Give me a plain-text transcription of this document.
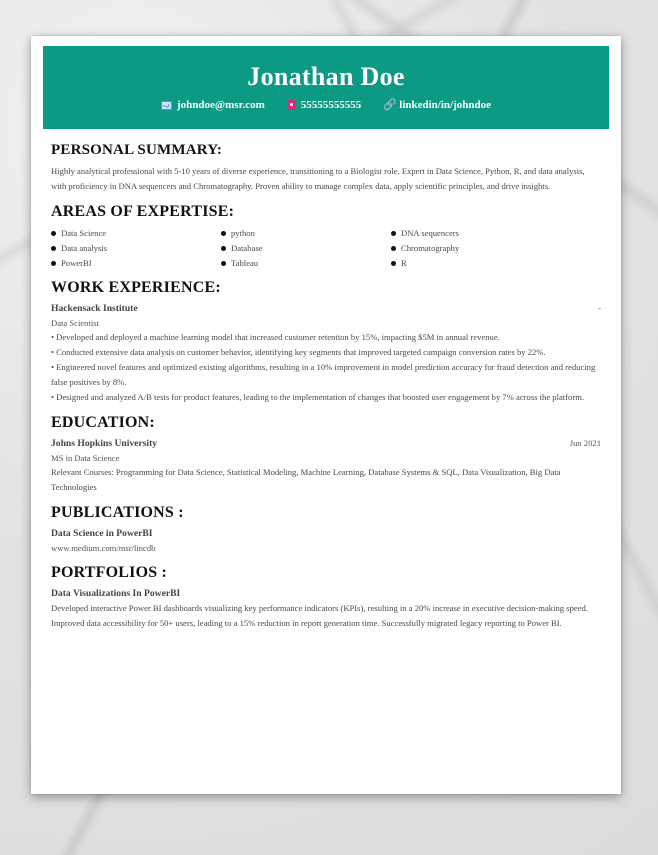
Jonathan Doe
johndoe@msr.com	55555555555 🔗 linkedin/in/johndoe
PERSONAL SUMMARY:

Highly analytical professional with 5-10 years of diverse experience, transitioning to a Biologist role. Expert in Data Science, Python, R, and data analysis, with proficiency in DNA sequencers and Chromatography. Proven ability to manage complex data, apply scientific principles, and drive insights.

AREAS OF EXPERTISE:
Data Science	python	DNA sequencers
Data analysis	Database	Chromatography
PowerBI	Tableau	R
WORK EXPERIENCE:
Hackensack Institute	-
Data Scientist
• Developed and deployed a machine learning model that increased customer retention by 15%, impacting $5M in annual revenue.
• Conducted extensive data analysis on customer behavior, identifying key segments that improved targeted campaign conversion rates by 22%.
• Engineered novel features and optimized existing algorithms, resulting in a 10% improvement in model prediction accuracy for fraud detection and reducing false positives by 8%.
• Designed and analyzed A/B tests for product features, leading to the implementation of changes that boosted user engagement by 7% across the platform.
EDUCATION:
Johns Hopkins University	Jun 2021
MS in Data Science
Relevant Courses: Programming for Data Science, Statistical Modeling, Machine Learning, Database Systems & SQL, Data Visualization, Big Data Technologies
PUBLICATIONS :
Data Science in PowerBI
www.medium.com/msr/lincdb
PORTFOLIOS :
Data Visualizations In PowerBI
Developed interactive Power BI dashboards visualizing key performance indicators (KPIs), resulting in a 20% increase in executive decision-making speed. Improved data accessibility for 50+ users, leading to a 15% reduction in report generation time. Successfully migrated legacy reporting to Power BI.
